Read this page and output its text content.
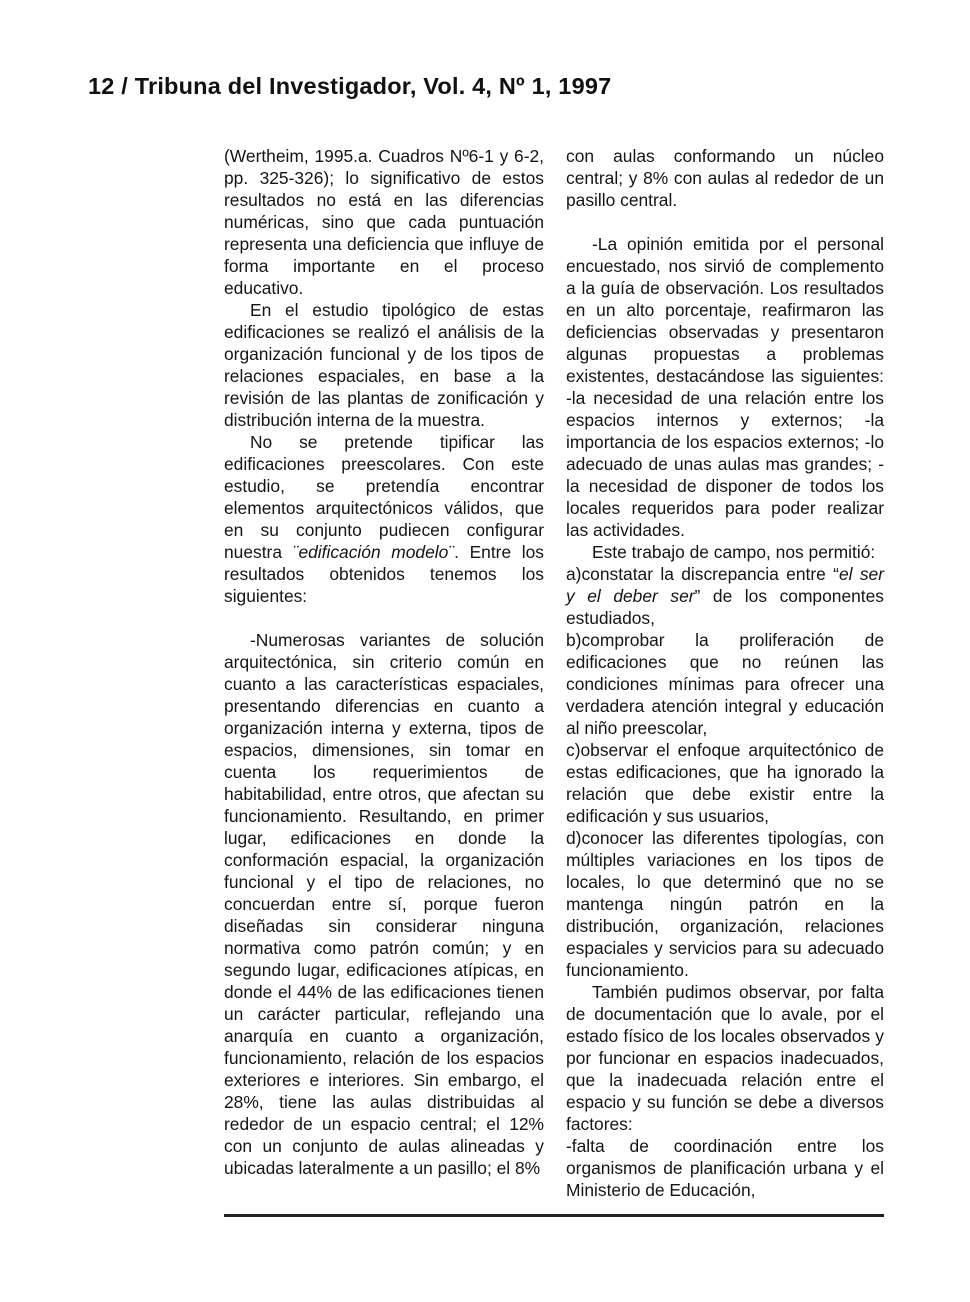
12 / Tribuna del Investigador, Vol. 4, Nº 1, 1997

(Wertheim, 1995.a. Cuadros Nº6-1 y 6-2, pp. 325-326); lo significativo de estos resultados no está en las diferencias numéricas, sino que cada puntuación representa una deficiencia que influye de forma importante en el proceso educativo.

En el estudio tipológico de estas edificaciones se realizó el análisis de la organización funcional y de los tipos de relaciones espaciales, en base a la revisión de las plantas de zonificación y distribución interna de la muestra.

No se pretende tipificar las edificaciones preescolares. Con este estudio, se pretendía encontrar elementos arquitectónicos válidos, que en su conjunto pudiecen configurar nuestra ¨edificación modelo¨. Entre los resultados obtenidos tenemos los siguientes:

-Numerosas variantes de solución arquitectónica, sin criterio común en cuanto a las características espaciales, presentando diferencias en cuanto a organización interna y externa, tipos de espacios, dimensiones, sin tomar en cuenta los requerimientos de habitabilidad, entre otros, que afectan su funcionamiento. Resultando, en primer lugar, edificaciones en donde la conformación espacial, la organización funcional y el tipo de relaciones, no concuerdan entre sí, porque fueron diseñadas sin considerar ninguna normativa como patrón común; y en segundo lugar, edificaciones atípicas, en donde el 44% de las edificaciones tienen un carácter particular, reflejando una anarquía en cuanto a organización, funcionamiento, relación de los espacios exteriores e interiores. Sin embargo, el 28%, tiene las aulas distribuidas al rededor de un espacio central; el 12% con un conjunto de aulas alineadas y ubicadas lateralmente a un pasillo; el 8%

con aulas conformando un núcleo central; y 8% con aulas al rededor de un pasillo central.

-La opinión emitida por el personal encuestado, nos sirvió de complemento a la guía de observación. Los resultados en un alto porcentaje, reafirmaron las deficiencias observadas y presentaron algunas propuestas a problemas existentes, destacándose las siguientes: -la necesidad de una relación entre los espacios internos y externos; -la importancia de los espacios externos; -lo adecuado de unas aulas mas grandes; -la necesidad de disponer de todos los locales requeridos para poder realizar las actividades.

Este trabajo de campo, nos permitió:

a)constatar la discrepancia entre “el ser y el deber ser” de los componentes estudiados,

b)comprobar la proliferación de edificaciones que no reúnen las condiciones mínimas para ofrecer una verdadera atención integral y educación al niño preescolar,

c)observar el enfoque arquitectónico de estas edificaciones, que ha ignorado la relación que debe existir entre la edificación y sus usuarios,

d)conocer las diferentes tipologías, con múltiples variaciones en los tipos de locales, lo que determinó que no se mantenga ningún patrón en la distribución, organización, relaciones espaciales y servicios para su adecuado funcionamiento.

También pudimos observar, por falta de documentación que lo avale, por el estado físico de los locales observados y por funcionar en espacios inadecuados, que la inadecuada relación entre el espacio y su función se debe a diversos factores:

-falta de coordinación entre los organismos de planificación urbana y el Ministerio de Educación,
